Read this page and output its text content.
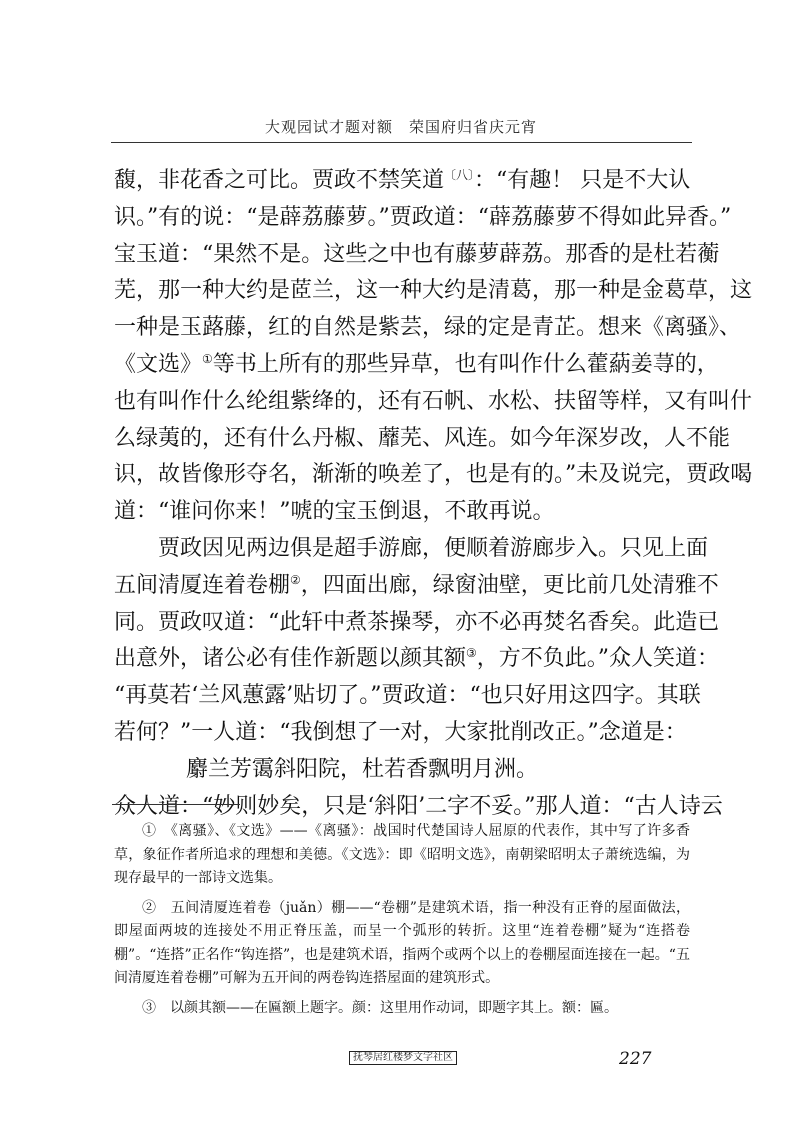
大观园试才题对额　荣国府归省庆元宵
馥，非花香之可比。贾政不禁笑道$^{〔八〕}$：“有趣！ 只是不大认
识。”有的说：“是薜荔藤萝。”贾政道：“薜荔藤萝不得如此异香。”
宝玉道：“果然不是。这些之中也有藤萝薜荔。那香的是杜若蘅
芜，那一种大约是茝兰，这一种大约是清葛，那一种是金葛草，这
一种是玉蕗藤，红的自然是紫芸，绿的定是青芷。想来《离骚》、
《文选》①等书上所有的那些异草，也有叫作什么藿蒳姜荨的，
也有叫作什么纶组紫绛的，还有石帆、水松、扶留等样，又有叫什
么绿荑的，还有什么丹椒、蘼芜、风连。如今年深岁改，人不能
识，故皆像形夺名，渐渐的唤差了，也是有的。”未及说完，贾政喝
道：“谁问你来！”唬的宝玉倒退，不敢再说。
　　贾政因见两边俱是超手游廊，便顺着游廊步入。只见上面
五间清厦连着卷棚②，四面出廊，绿窗油壁，更比前几处清雅不
同。贾政叹道：“此轩中煮茶操琴，亦不必再焚名香矣。此造已
出意外，诸公必有佳作新题以颜其额③，方不负此。”众人笑道：
“再莫若‘兰风蕙露’贴切了。”贾政道：“也只好用这四字。其联
若何？”一人道：“我倒想了一对，大家批削改正。”念道是：
麝兰芳霭斜阳院，杜若香飘明月洲。
众人道：“妙则妙矣，只是‘斜阳’二字不妥。”那人道：“古人诗云

①　《离骚》、《文选》——《离骚》：战国时代楚国诗人屈原的代表作，其中写了许多香草，象征作者所追求的理想和美德。《文选》：即《昭明文选》，南朝梁昭明太子萧统选编，为现存最早的一部诗文选集。

②　五间清厦连着卷（juǎn）棚——“卷棚”是建筑术语，指一种没有正脊的屋面做法，即屋面两坡的连接处不用正脊压盖，而呈一个弧形的转折。这里“连着卷棚”疑为“连搭卷棚”。“连搭”正名作“钩连搭”，也是建筑术语，指两个或两个以上的卷棚屋面连接在一起。“五间清厦连着卷棚”可解为五开间的两卷钩连搭屋面的建筑形式。

③　以颜其额——在匾额上题字。颜：这里用作动词，即题字其上。额：匾。

抚琴居红楼梦文字社区	227
